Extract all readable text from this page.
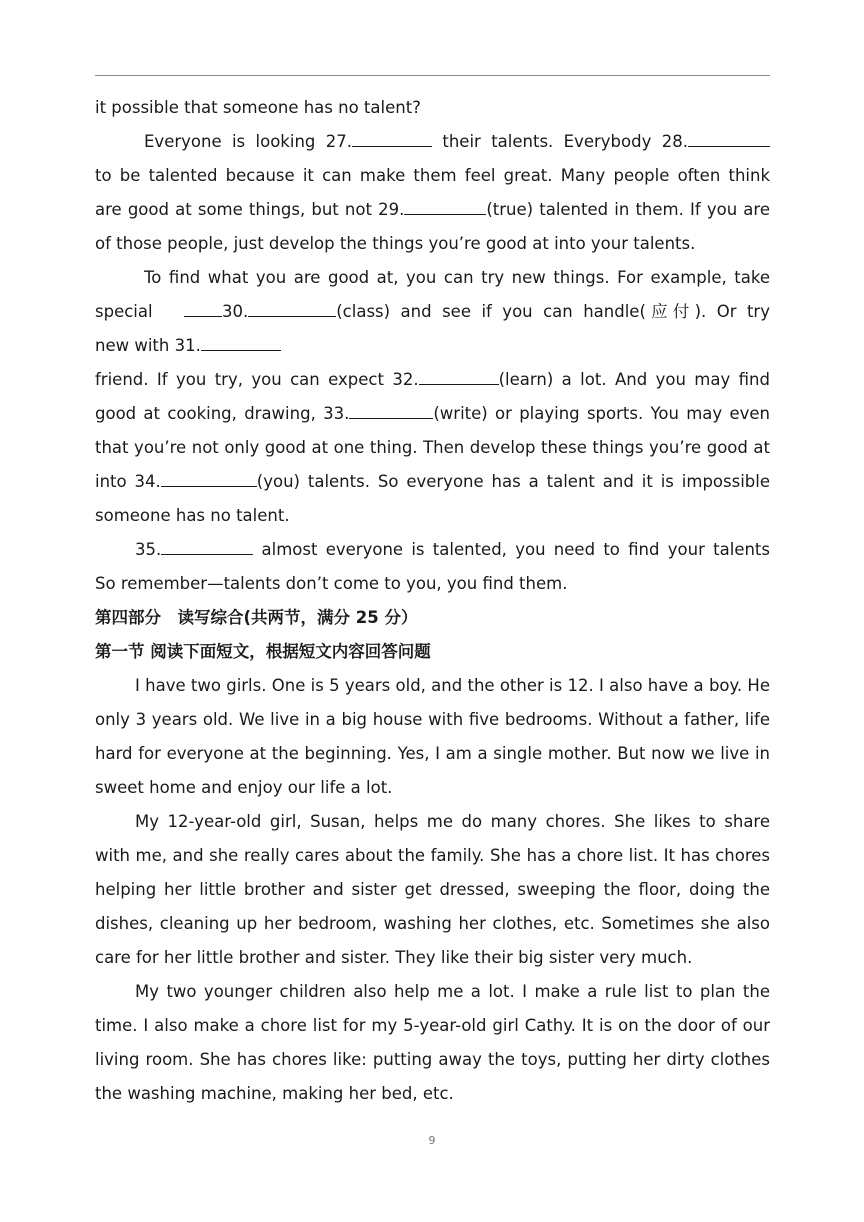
it possible that someone has no talent?
Everyone is looking 27.	their talents. Everybody 28.
to be talented because it can make them feel great. Many people often think
are good at some things, but not 29.	(true) talented in them. If you are
of those people, just develop the things you’re good at into your talents.
To find what you are good at, you can try new things. For example, take
special	30.	(class) and see if you can handle(应付). Or try
new with 31.
friend. If you try, you can expect 32.	(learn) a lot. And you may find
good at cooking, drawing, 33.	(write) or playing sports. You may even
that you’re not only good at one thing. Then develop these things you’re good at
into 34.	(you) talents. So everyone has a talent and it is impossible
someone has no talent.
35.	almost everyone is talented, you need to find your talents
So remember—talents don’t come to you, you find them.
第四部分　读写综合(共两节，满分 25 分）
第一节 阅读下面短文，根据短文内容回答问题
I have two girls. One is 5 years old, and the other is 12. I also have a boy. He
only 3 years old. We live in a big house with five bedrooms. Without a father, life
hard for everyone at the beginning. Yes, I am a single mother. But now we live in
sweet home and enjoy our life a lot.
My 12-year-old girl, Susan, helps me do many chores. She likes to share
with me, and she really cares about the family. She has a chore list. It has chores
helping her little brother and sister get dressed, sweeping the floor, doing the
dishes, cleaning up her bedroom, washing her clothes, etc. Sometimes she also
care for her little brother and sister. They like their big sister very much.
My two younger children also help me a lot. I make a rule list to plan the
time. I also make a chore list for my 5-year-old girl Cathy. It is on the door of our
living room. She has chores like: putting away the toys, putting her dirty clothes
the washing machine, making her bed, etc.
9
